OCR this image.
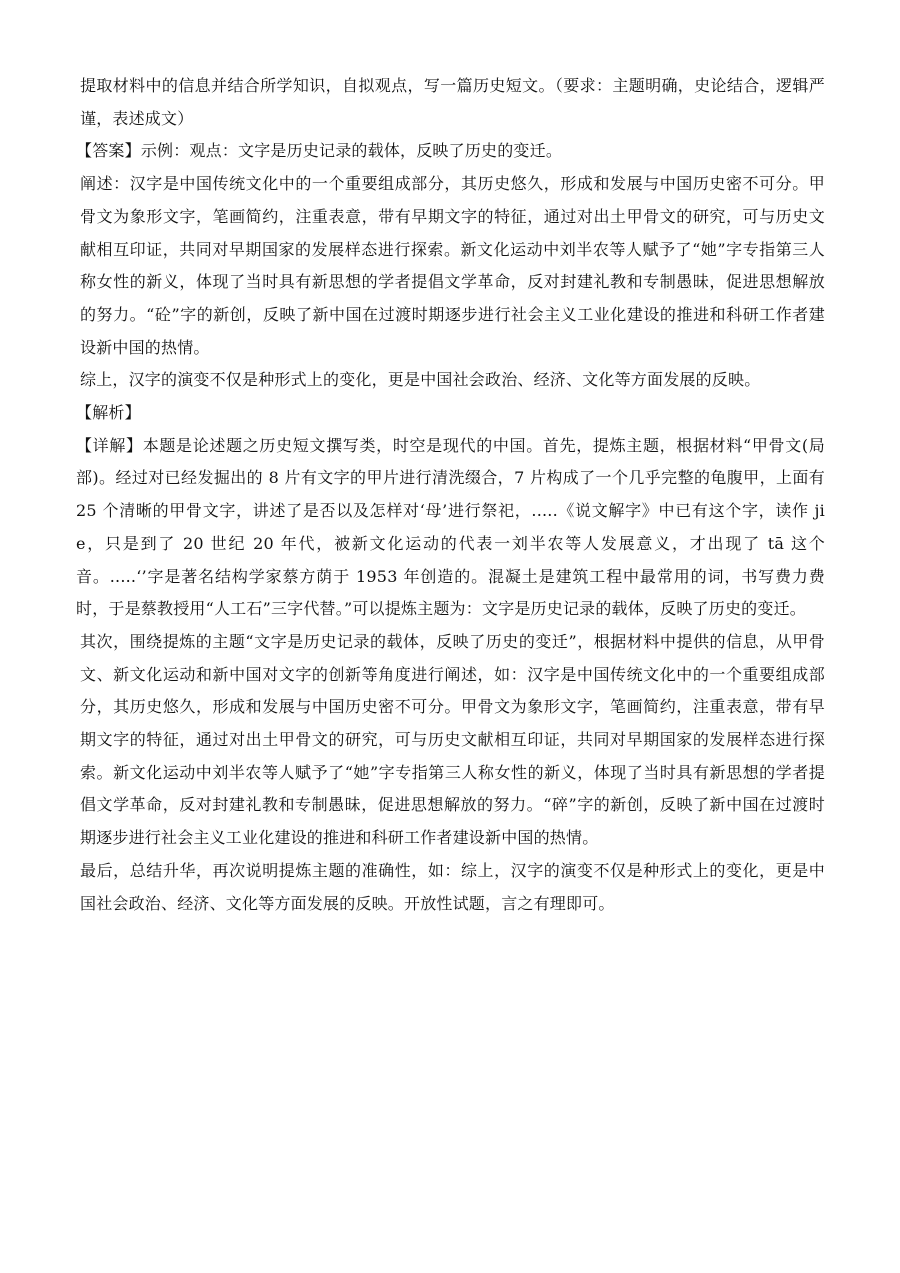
提取材料中的信息并结合所学知识，自拟观点，写一篇历史短文。（要求：主题明确，史论结合，逻辑严谨，表述成文）

【答案】示例：观点：文字是历史记录的载体，反映了历史的变迁。

阐述：汉字是中国传统文化中的一个重要组成部分，其历史悠久，形成和发展与中国历史密不可分。甲骨文为象形文字，笔画简约，注重表意，带有早期文字的特征，通过对出土甲骨文的研究，可与历史文献相互印证，共同对早期国家的发展样态进行探索。新文化运动中刘半农等人赋予了“她”字专指第三人称女性的新义，体现了当时具有新思想的学者提倡文学革命，反对封建礼教和专制愚昧，促进思想解放的努力。“砼”字的新创，反映了新中国在过渡时期逐步进行社会主义工业化建设的推进和科研工作者建设新中国的热情。

综上，汉字的演变不仅是种形式上的变化，更是中国社会政治、经济、文化等方面发展的反映。

【解析】

【详解】本题是论述题之历史短文撰写类，时空是现代的中国。首先，提炼主题，根据材料“甲骨文(局部)。经过对已经发掘出的 8 片有文字的甲片进行清洗缀合，7 片构成了一个几乎完整的龟腹甲，上面有 25 个清晰的甲骨文字，讲述了是否以及怎样对‘母’进行祭祀，.....《说文解字》中已有这个字，读作 jie，只是到了 20 世纪 20 年代，被新文化运动的代表一刘半农等人发展意义，才出现了 tā 这个音。.....‘’字是著名结构学家蔡方荫于 1953 年创造的。混凝土是建筑工程中最常用的词，书写费力费时，于是蔡教授用“人工石”三字代替。”可以提炼主题为：文字是历史记录的载体，反映了历史的变迁。

其次，围绕提炼的主题“文字是历史记录的载体，反映了历史的变迁”，根据材料中提供的信息，从甲骨文、新文化运动和新中国对文字的创新等角度进行阐述，如：汉字是中国传统文化中的一个重要组成部分，其历史悠久，形成和发展与中国历史密不可分。甲骨文为象形文字，笔画简约，注重表意，带有早期文字的特征，通过对出土甲骨文的研究，可与历史文献相互印证，共同对早期国家的发展样态进行探索。新文化运动中刘半农等人赋予了“她”字专指第三人称女性的新义，体现了当时具有新思想的学者提倡文学革命，反对封建礼教和专制愚昧，促进思想解放的努力。“碎”字的新创，反映了新中国在过渡时期逐步进行社会主义工业化建设的推进和科研工作者建设新中国的热情。

最后，总结升华，再次说明提炼主题的准确性，如：综上，汉字的演变不仅是种形式上的变化，更是中国社会政治、经济、文化等方面发展的反映。开放性试题，言之有理即可。
